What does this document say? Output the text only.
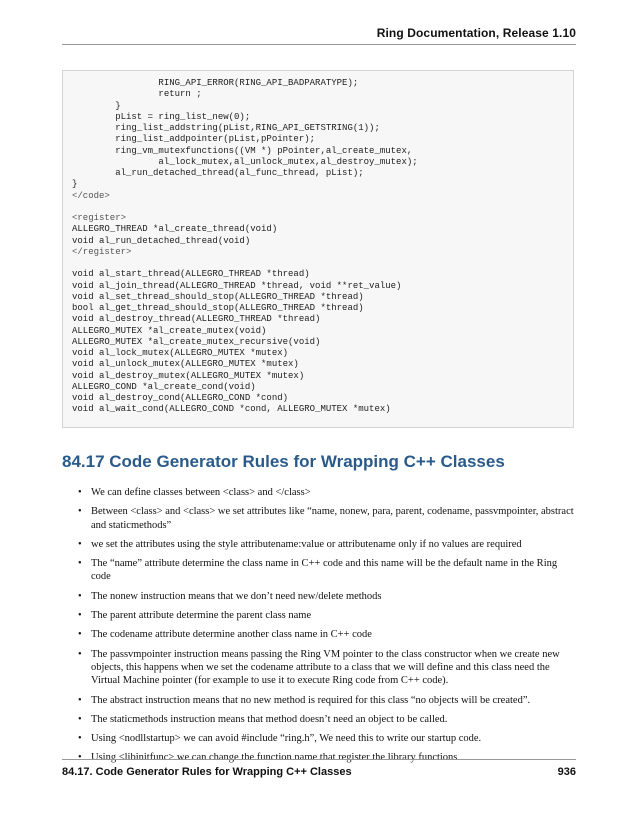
Ring Documentation, Release 1.10
RING_API_ERROR(RING_API_BADPARATYPE);
return ;
}
pList = ring_list_new(0);
ring_list_addstring(pList,RING_API_GETSTRING(1));
ring_list_addpointer(pList,pPointer);
ring_vm_mutexfunctions((VM *) pPointer,al_create_mutex,
al_lock_mutex,al_unlock_mutex,al_destroy_mutex);
al_run_detached_thread(al_func_thread, pList);
}
</code>

<register>
ALLEGRO_THREAD *al_create_thread(void)
void al_run_detached_thread(void)
</register>

void al_start_thread(ALLEGRO_THREAD *thread)
void al_join_thread(ALLEGRO_THREAD *thread, void **ret_value)
void al_set_thread_should_stop(ALLEGRO_THREAD *thread)
bool al_get_thread_should_stop(ALLEGRO_THREAD *thread)
void al_destroy_thread(ALLEGRO_THREAD *thread)
ALLEGRO_MUTEX *al_create_mutex(void)
ALLEGRO_MUTEX *al_create_mutex_recursive(void)
void al_lock_mutex(ALLEGRO_MUTEX *mutex)
void al_unlock_mutex(ALLEGRO_MUTEX *mutex)
void al_destroy_mutex(ALLEGRO_MUTEX *mutex)
ALLEGRO_COND *al_create_cond(void)
void al_destroy_cond(ALLEGRO_COND *cond)
void al_wait_cond(ALLEGRO_COND *cond, ALLEGRO_MUTEX *mutex)
84.17 Code Generator Rules for Wrapping C++ Classes
• We can define classes between <class> and </class>
• Between <class> and <class> we set attributes like “name, nonew, para, parent, codename, passvmpointer, abstract and staticmethods”
• we set the attributes using the style attributename:value or attributename only if no values are required
• The “name” attribute determine the class name in C++ code and this name will be the default name in the Ring code
• The nonew instruction means that we don’t need new/delete methods
• The parent attribute determine the parent class name
• The codename attribute determine another class name in C++ code
• The passvmpointer instruction means passing the Ring VM pointer to the class constructor when we create new objects, this happens when we set the codename attribute to a class that we will define and this class need the Virtual Machine pointer (for example to use it to execute Ring code from C++ code).
• The abstract instruction means that no new method is required for this class “no objects will be created”.
• The staticmethods instruction means that method doesn’t need an object to be called.
• Using <nodllstartup> we can avoid #include “ring.h”, We need this to write our startup code.
• Using <libinitfunc> we can change the function name that register the library functions
84.17. Code Generator Rules for Wrapping C++ Classes	936
